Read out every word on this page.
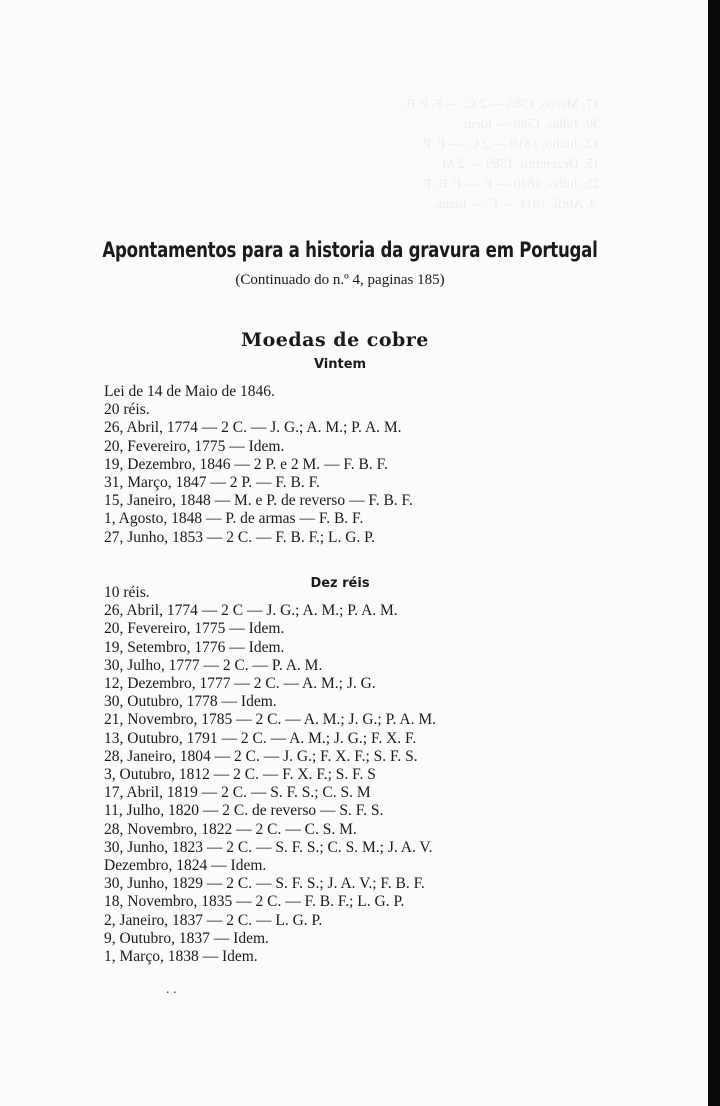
17, Março, 1585 — 2 C. — F. P. R.
30, Julho, 1588 — Idem.
12, Junho, 1810 — 2 C. — F. P.
15, Dezembro, 1589 — 2 M.
25, Julho, 1840 — F. — F. B. F.
3, Abril, 1811 — F. — Idem.
Apontamentos para a historia da gravura em Portugal
(Continuado do n.º 4, paginas 185)
Moedas de cobre
Vintem
Lei de 14 de Maio de 1846.
20 réis.
26, Abril, 1774 — 2 C. — J. G.; A. M.; P. A. M.
20, Fevereiro, 1775 — Idem.
19, Dezembro, 1846 — 2 P. e 2 M. — F. B. F.
31, Março, 1847 — 2 P. — F. B. F.
15, Janeiro, 1848 — M. e P. de reverso — F. B. F.
1, Agosto, 1848 — P. de armas — F. B. F.
27, Junho, 1853 — 2 C. — F. B. F.; L. G. P.
Dez réis
10 réis.
26, Abril, 1774 — 2 C — J. G.; A. M.; P. A. M.
20, Fevereiro, 1775 — Idem.
19, Setembro, 1776 — Idem.
30, Julho, 1777 — 2 C. — P. A. M.
12, Dezembro, 1777 — 2 C. — A. M.; J. G.
30, Outubro, 1778 — Idem.
21, Novembro, 1785 — 2 C. — A. M.; J. G.; P. A. M.
13, Outubro, 1791 — 2 C. — A. M.; J. G.; F. X. F.
28, Janeiro, 1804 — 2 C. — J. G.; F. X. F.; S. F. S.
3, Outubro, 1812 — 2 C. — F. X. F.; S. F. S
17, Abril, 1819 — 2 C. — S. F. S.; C. S. M
11, Julho, 1820 — 2 C. de reverso — S. F. S.
28, Novembro, 1822 — 2 C. — C. S. M.
30, Junho, 1823 — 2 C. — S. F. S.; C. S. M.; J. A. V.
Dezembro, 1824 — Idem.
30, Junho, 1829 — 2 C. — S. F. S.; J. A. V.; F. B. F.
18, Novembro, 1835 — 2 C. — F. B. F.; L. G. P.
2, Janeiro, 1837 — 2 C. — L. G. P.
9, Outubro, 1837 — Idem.
1, Março, 1838 — Idem.
. .
